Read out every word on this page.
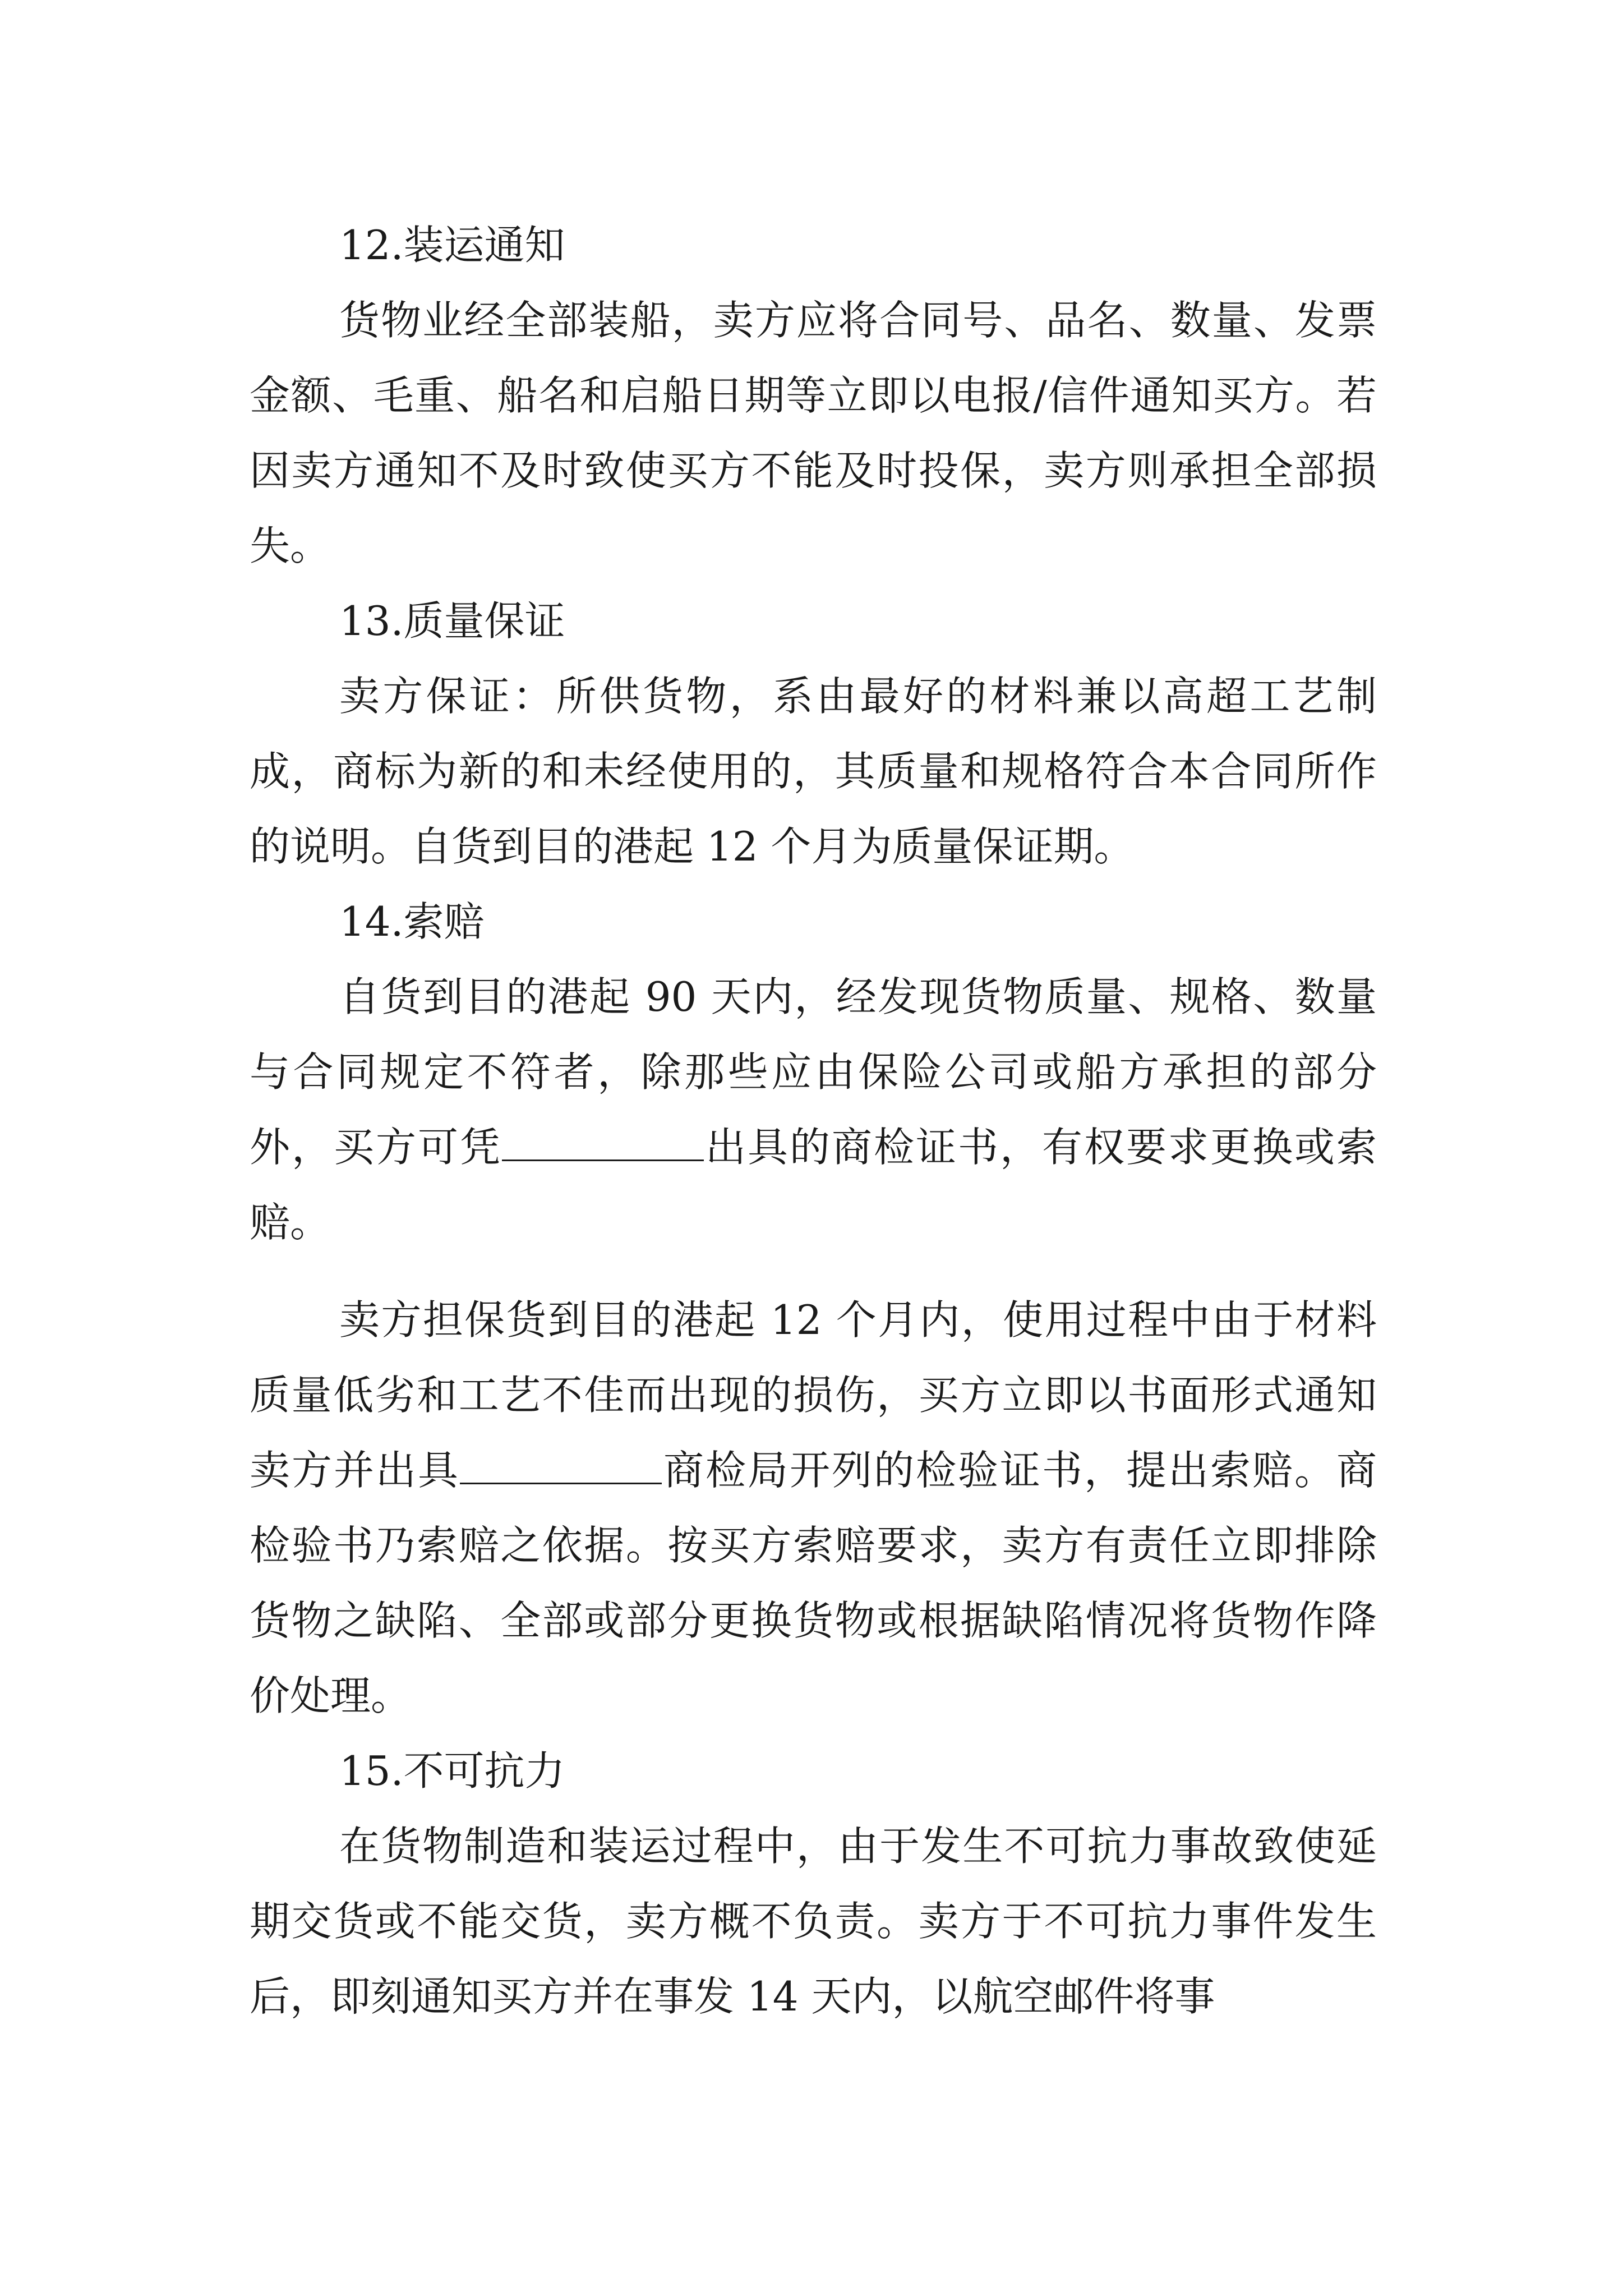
12.装运通知

货物业经全部装船，卖方应将合同号、品名、数量、发票金额、毛重、船名和启船日期等立即以电报/信件通知买方。若因卖方通知不及时致使买方不能及时投保，卖方则承担全部损失。

13.质量保证

卖方保证：所供货物，系由最好的材料兼以高超工艺制成，商标为新的和未经使用的，其质量和规格符合本合同所作的说明。自货到目的港起 12 个月为质量保证期。

14.索赔

自货到目的港起 90 天内，经发现货物质量、规格、数量与合同规定不符者，除那些应由保险公司或船方承担的部分外，买方可凭	出具的商检证书，有权要求更换或索赔。

卖方担保货到目的港起 12 个月内，使用过程中由于材料质量低劣和工艺不佳而出现的损伤，买方立即以书面形式通知卖方并出具	商检局开列的检验证书，提出索赔。商检验书乃索赔之依据。按买方索赔要求，卖方有责任立即排除货物之缺陷、全部或部分更换货物或根据缺陷情况将货物作降价处理。

15.不可抗力

在货物制造和装运过程中，由于发生不可抗力事故致使延期交货或不能交货，卖方概不负责。卖方于不可抗力事件发生后，即刻通知买方并在事发 14 天内，以航空邮件将事
